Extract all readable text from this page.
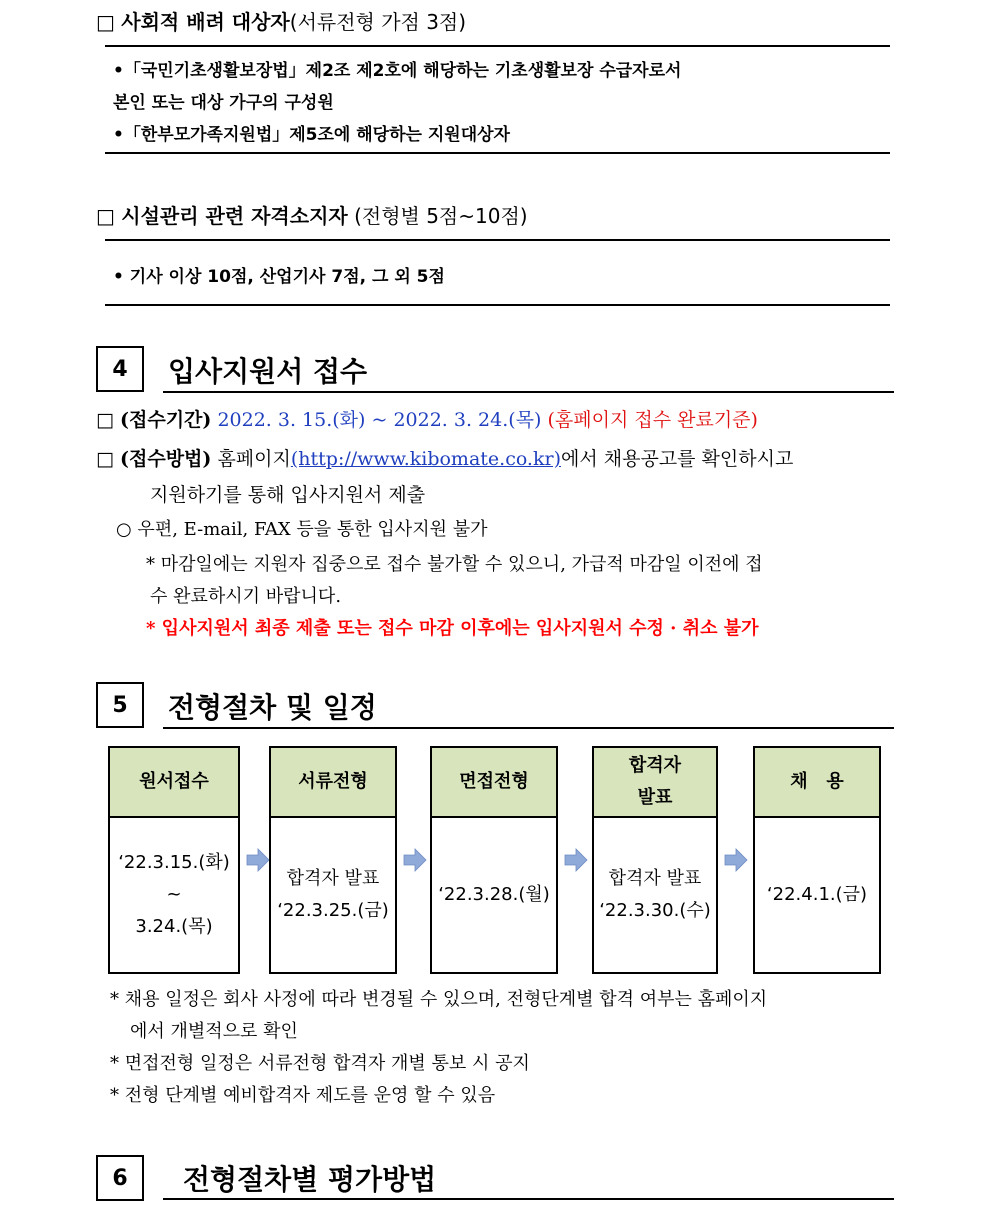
□ 사회적 배려 대상자(서류전형 가점 3점)
•「국민기초생활보장법」제2조 제2호에 해당하는 기초생활보장 수급자로서
본인 또는 대상 가구의 구성원
•「한부모가족지원법」제5조에 해당하는 지원대상자
□ 시설관리 관련 자격소지자 (전형별 5점~10점)
• 기사 이상 10점, 산업기사 7점, 그 외 5점
4	입사지원서 접수
□ (접수기간) 2022. 3. 15.(화) ~ 2022. 3. 24.(목) (홈페이지 접수 완료기준)
□ (접수방법) 홈페이지(http://www.kibomate.co.kr)에서 채용공고를 확인하시고
지원하기를 통해 입사지원서 제출
○ 우편, E-mail, FAX 등을 통한 입사지원 불가
* 마감일에는 지원자 집중으로 접수 불가할 수 있으니, 가급적 마감일 이전에 접
수 완료하시기 바랍니다.
* 입사지원서 최종 제출 또는 접수 마감 이후에는 입사지원서 수정 · 취소 불가
5	전형절차 및 일정
원서접수
‘22.3.15.(화)
~
3.24.(목)
서류전형
합격자 발표
‘22.3.25.(금)
면접전형
‘22.3.28.(월)
합격자
발표
합격자 발표
‘22.3.30.(수)
채   용
‘22.4.1.(금)
* 채용 일정은 회사 사정에 따라 변경될 수 있으며, 전형단계별 합격 여부는 홈페이지
에서 개별적으로 확인
* 면접전형 일정은 서류전형 합격자 개별 통보 시 공지
* 전형 단계별 예비합격자 제도를 운영 할 수 있음
6	전형절차별 평가방법
